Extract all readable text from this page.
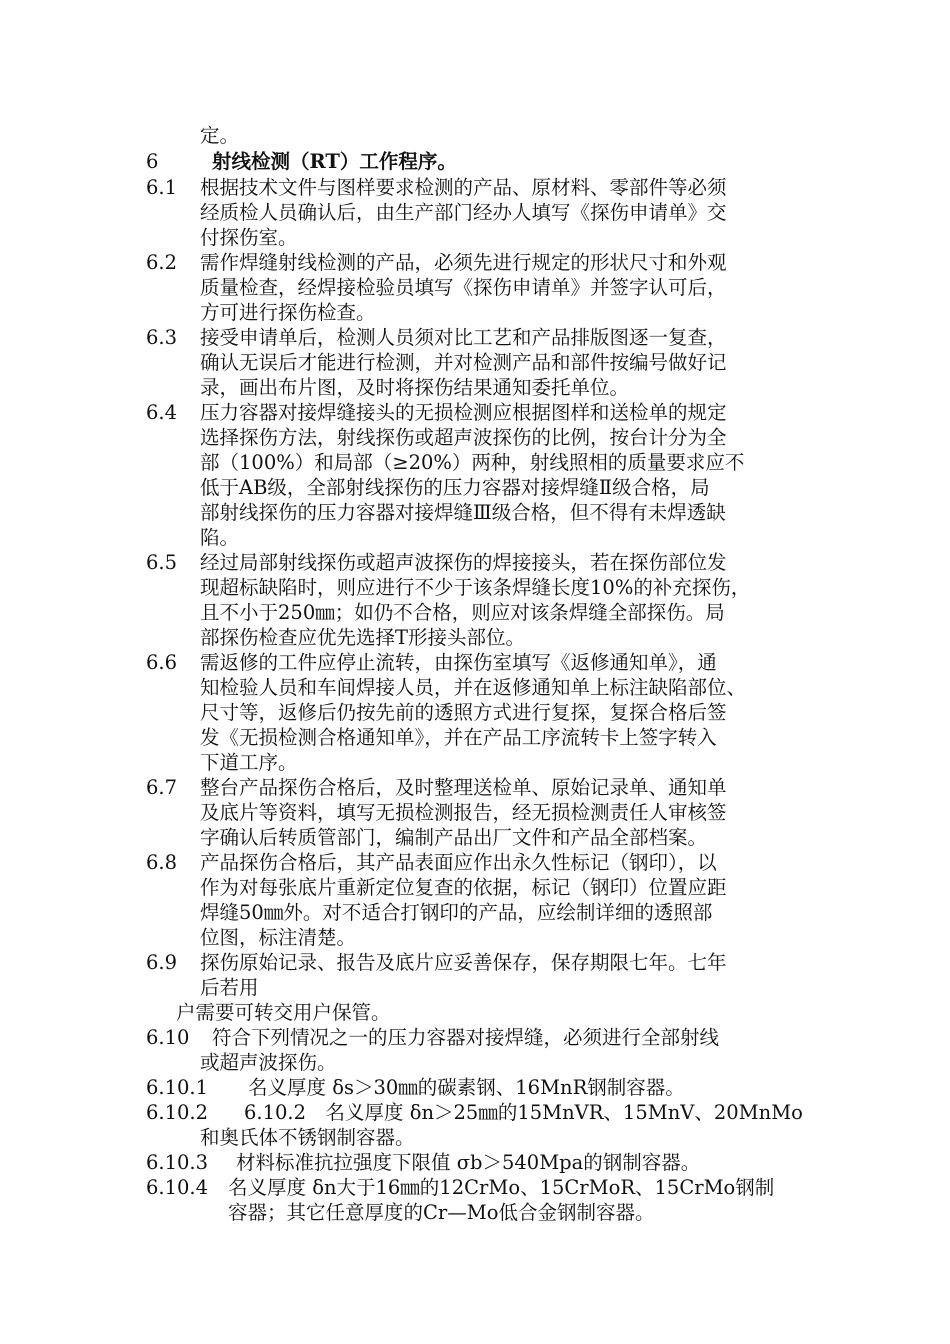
定。
6	射线检测（RT）工作程序。
6.1 根据技术文件与图样要求检测的产品、原材料、零部件等必须
经质检人员确认后，由生产部门经办人填写《探伤申请单》交
付探伤室。
6.2 需作焊缝射线检测的产品，必须先进行规定的形状尺寸和外观
质量检查，经焊接检验员填写《探伤申请单》并签字认可后，
方可进行探伤检查。
6.3 接受申请单后，检测人员须对比工艺和产品排版图逐一复查，
确认无误后才能进行检测，并对检测产品和部件按编号做好记
录，画出布片图，及时将探伤结果通知委托单位。
6.4 压力容器对接焊缝接头的无损检测应根据图样和送检单的规定
选择探伤方法，射线探伤或超声波探伤的比例，按台计分为全
部（100%）和局部（≥20%）两种，射线照相的质量要求应不
低于AB级，全部射线探伤的压力容器对接焊缝Ⅱ级合格，局
部射线探伤的压力容器对接焊缝Ⅲ级合格，但不得有未焊透缺
陷。
6.5 经过局部射线探伤或超声波探伤的焊接接头，若在探伤部位发
现超标缺陷时，则应进行不少于该条焊缝长度10%的补充探伤，
且不小于250㎜；如仍不合格，则应对该条焊缝全部探伤。局
部探伤检查应优先选择T形接头部位。
6.6 需返修的工件应停止流转，由探伤室填写《返修通知单》，通
知检验人员和车间焊接人员，并在返修通知单上标注缺陷部位、
尺寸等，返修后仍按先前的透照方式进行复探，复探合格后签
发《无损检测合格通知单》，并在产品工序流转卡上签字转入
下道工序。
6.7 整台产品探伤合格后，及时整理送检单、原始记录单、通知单
及底片等资料，填写无损检测报告，经无损检测责任人审核签
字确认后转质管部门，编制产品出厂文件和产品全部档案。
6.8 产品探伤合格后，其产品表面应作出永久性标记（钢印），以
作为对每张底片重新定位复查的依据，标记（钢印）位置应距
焊缝50㎜外。对不适合打钢印的产品，应绘制详细的透照部
位图，标注清楚。
6.9 探伤原始记录、报告及底片应妥善保存，保存期限七年。七年
后若用
户需要可转交用户保管。
6.10 符合下列情况之一的压力容器对接焊缝，必须进行全部射线
或超声波探伤。
6.10.1 名义厚度 δs＞30㎜的碳素钢、16MnR钢制容器。
6.10.2 6.10.2　名义厚度 δn＞25㎜的15MnVR、15MnV、20MnMo
和奥氏体不锈钢制容器。
6.10.3 材料标准抗拉强度下限值 σb＞540Mpa的钢制容器。
6.10.4 名义厚度 δn大于16㎜的12CrMo、15CrMoR、15CrMo钢制
容器；其它任意厚度的Cr—Mo低合金钢制容器。
